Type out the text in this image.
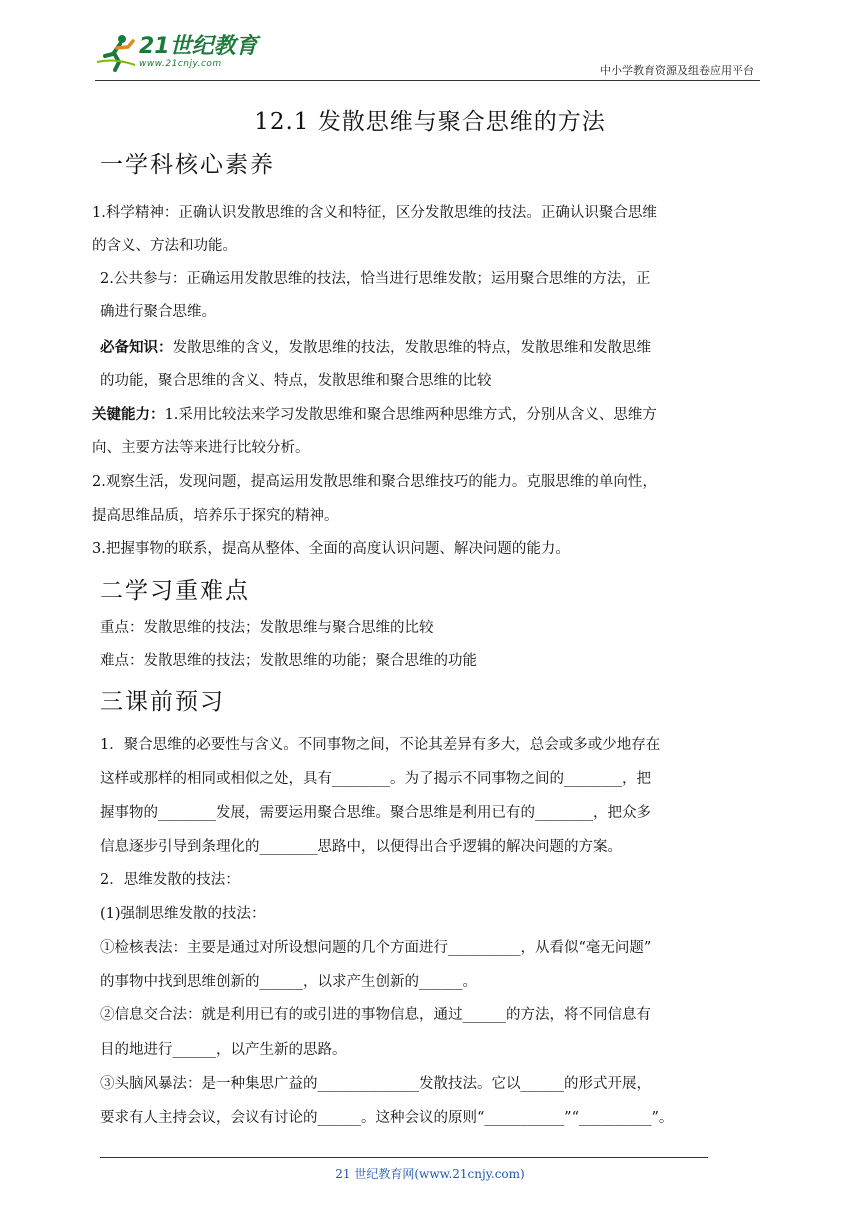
21世纪教育
www.21cnjy.com	中小学教育资源及组卷应用平台
12.1 发散思维与聚合思维的方法
一学科核心素养
1.科学精神：正确认识发散思维的含义和特征，区分发散思维的技法。正确认识聚合思维
的含义、方法和功能。
2.公共参与：正确运用发散思维的技法，恰当进行思维发散；运用聚合思维的方法，正
确进行聚合思维。
必备知识：发散思维的含义，发散思维的技法，发散思维的特点，发散思维和发散思维
的功能，聚合思维的含义、特点，发散思维和聚合思维的比较
关键能力：1.采用比较法来学习发散思维和聚合思维两种思维方式，分别从含义、思维方
向、主要方法等来进行比较分析。
2.观察生活，发现问题，提高运用发散思维和聚合思维技巧的能力。克服思维的单向性，
提高思维品质，培养乐于探究的精神。
3.把握事物的联系，提高从整体、全面的高度认识问题、解决问题的能力。
二学习重难点
重点：发散思维的技法；发散思维与聚合思维的比较
难点：发散思维的技法；发散思维的功能；聚合思维的功能
三课前预习
1．聚合思维的必要性与含义。不同事物之间，不论其差异有多大，总会或多或少地存在
这样或那样的相同或相似之处，具有________。为了揭示不同事物之间的________，把
握事物的________发展，需要运用聚合思维。聚合思维是利用已有的________，把众多
信息逐步引导到条理化的________思路中，以便得出合乎逻辑的解决问题的方案。
2．思维发散的技法：
(1)强制思维发散的技法：
①检核表法：主要是通过对所设想问题的几个方面进行__________，从看似“毫无问题”
的事物中找到思维创新的______，以求产生创新的______。
②信息交合法：就是利用已有的或引进的事物信息，通过______的方法，将不同信息有
目的地进行______，以产生新的思路。
③头脑风暴法：是一种集思广益的______________发散技法。它以______的形式开展，
要求有人主持会议，会议有讨论的______。这种会议的原则“___________”“__________”。
21 世纪教育网(www.21cnjy.com)
